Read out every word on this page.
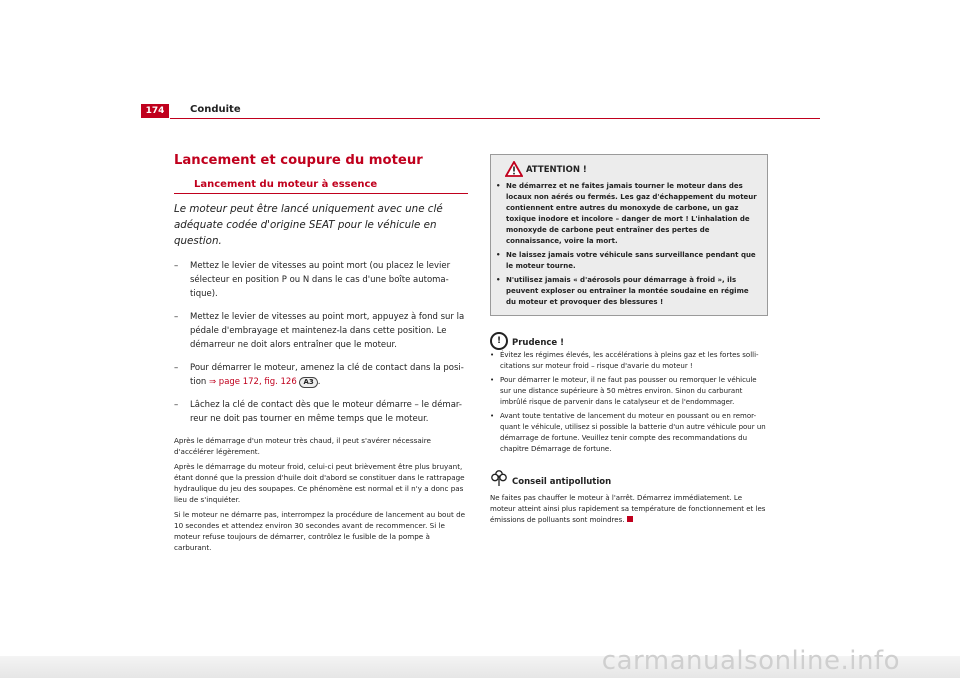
174	Conduite
Lancement et coupure du moteur
Lancement du moteur à essence

Le moteur peut être lancé uniquement avec une clé adéquate codée d'origine SEAT pour le véhicule en question.

– Mettez le levier de vitesses au point mort (ou placez le levier sélecteur en position P ou N dans le cas d'une boîte automa-tique).
– Mettez le levier de vitesses au point mort, appuyez à fond sur la pédale d'embrayage et maintenez-la dans cette position. Le démarreur ne doit alors entraîner que le moteur.
– Pour démarrer le moteur, amenez la clé de contact dans la posi-tion ⇒ page 172, fig. 126 A3 .
– Lâchez la clé de contact dès que le moteur démarre – le démar-reur ne doit pas tourner en même temps que le moteur.

Après le démarrage d'un moteur très chaud, il peut s'avérer nécessaire d'accélérer légèrement.

Après le démarrage du moteur froid, celui-ci peut brièvement être plus bruyant, étant donné que la pression d'huile doit d'abord se constituer dans le rattrapage hydraulique du jeu des soupapes. Ce phénomène est normal et il n'y a donc pas lieu de s'inquiéter.

Si le moteur ne démarre pas, interrompez la procédure de lancement au bout de 10 secondes et attendez environ 30 secondes avant de recommencer. Si le moteur refuse toujours de démarrer, contrôlez le fusible de la pompe à carburant.

ATTENTION !
• Ne démarrez et ne faites jamais tourner le moteur dans des locaux non aérés ou fermés. Les gaz d'échappement du moteur contiennent entre autres du monoxyde de carbone, un gaz toxique inodore et incolore – danger de mort ! L'inhalation de monoxyde de carbone peut entraîner des pertes de connaissance, voire la mort.
• Ne laissez jamais votre véhicule sans surveillance pendant que le moteur tourne.
• N'utilisez jamais « d'aérosols pour démarrage à froid », ils peuvent exploser ou entraîner la montée soudaine en régime du moteur et provoquer des blessures !
!	Prudence !
• Évitez les régimes élevés, les accélérations à pleins gaz et les fortes solli-citations sur moteur froid – risque d'avarie du moteur !
• Pour démarrer le moteur, il ne faut pas pousser ou remorquer le véhicule sur une distance supérieure à 50 mètres environ. Sinon du carburant imbrûlé risque de parvenir dans le catalyseur et de l'endommager.
• Avant toute tentative de lancement du moteur en poussant ou en remor-quant le véhicule, utilisez si possible la batterie d'un autre véhicule pour un démarrage de fortune. Veuillez tenir compte des recommandations du chapitre Démarrage de fortune.
Conseil antipollution

Ne faites pas chauffer le moteur à l'arrêt. Démarrez immédiatement. Le moteur atteint ainsi plus rapidement sa température de fonctionnement et les émissions de polluants sont moindres.

carmanualsonline.info
